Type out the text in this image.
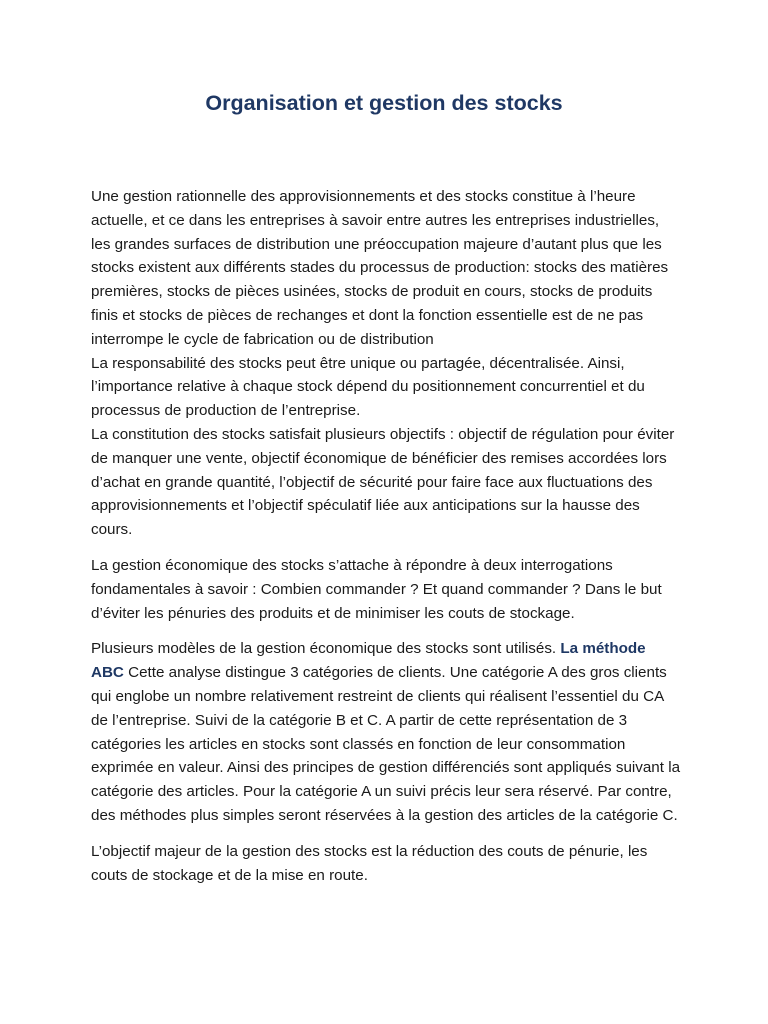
Organisation et gestion des stocks

Une gestion rationnelle des approvisionnements et des stocks constitue à l’heure actuelle, et ce dans les entreprises à savoir entre autres les entreprises industrielles, les grandes surfaces de distribution une préoccupation majeure d’autant plus que les stocks existent aux différents stades du processus de production: stocks des matières premières, stocks de pièces usinées, stocks de produit en cours, stocks de produits finis et stocks de pièces de rechanges et dont la fonction essentielle est de ne pas interrompe le cycle de fabrication ou de distribution

La responsabilité des stocks peut être unique ou partagée, décentralisée. Ainsi, l’importance relative à chaque stock dépend du positionnement concurrentiel et du processus de production de l’entreprise.

La constitution des stocks satisfait plusieurs objectifs : objectif de régulation pour éviter de manquer une vente, objectif économique de bénéficier des remises accordées lors d’achat en grande quantité, l’objectif de sécurité pour faire face aux fluctuations des approvisionnements et l’objectif spéculatif liée aux anticipations sur la hausse des cours.

La gestion économique des stocks s’attache à répondre à deux interrogations fondamentales à savoir : Combien commander ? Et quand commander ? Dans le but d’éviter les pénuries des produits et de minimiser les couts de stockage.

Plusieurs modèles de la gestion économique des stocks sont utilisés. La méthode ABC Cette analyse distingue 3 catégories de clients. Une catégorie A des gros clients qui englobe un nombre relativement restreint de clients qui réalisent l’essentiel du CA de l’entreprise. Suivi de la catégorie B et C. A partir de cette représentation de 3 catégories les articles en stocks sont classés en fonction de leur consommation exprimée en valeur. Ainsi des principes de gestion différenciés sont appliqués suivant la catégorie des articles. Pour la catégorie A un suivi précis leur sera réservé. Par contre, des méthodes plus simples seront réservées à la gestion des articles de la catégorie C.

L’objectif majeur de la gestion des stocks est la réduction des couts de pénurie, les couts de stockage et de la mise en route.
